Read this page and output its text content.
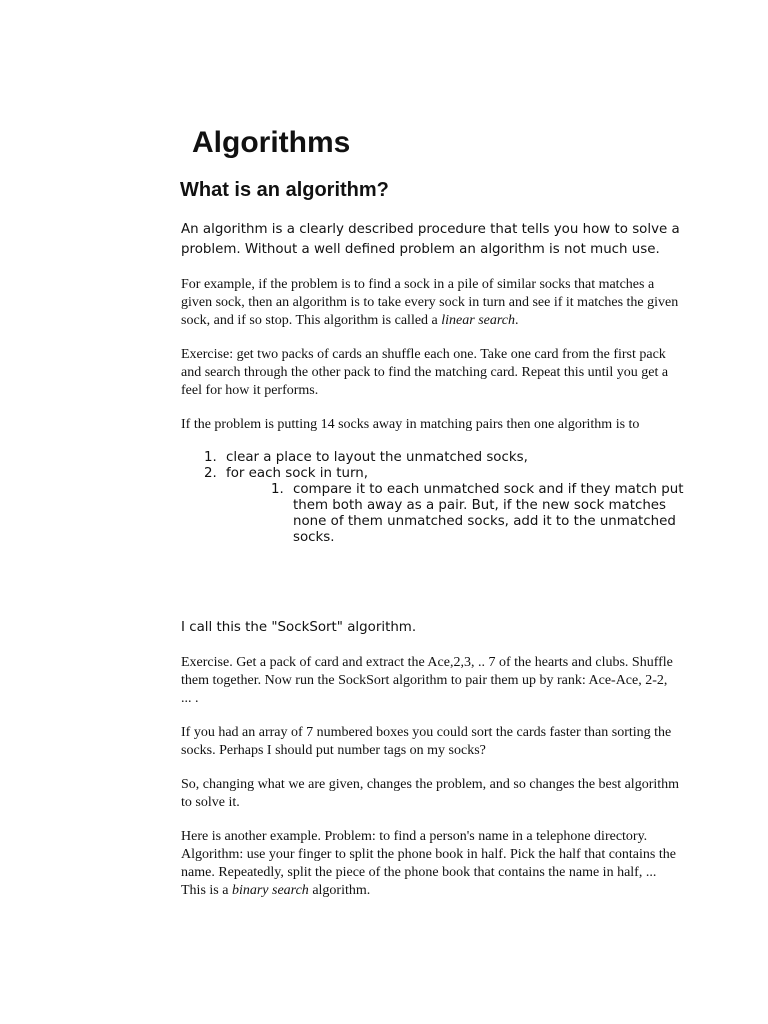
Algorithms
What is an algorithm?

An algorithm is a clearly described procedure that tells you how to solve a problem. Without a well defined problem an algorithm is not much use.

For example, if the problem is to find a sock in a pile of similar socks that matches a given sock, then an algorithm is to take every sock in turn and see if it matches the given sock, and if so stop. This algorithm is called a linear search.

Exercise: get two packs of cards an shuffle each one. Take one card from the first pack and search through the other pack to find the matching card. Repeat this until you get a feel for how it performs.

If the problem is putting 14 socks away in matching pairs then one algorithm is to

1. clear a place to layout the unmatched socks,
2. for each sock in turn,
1. compare it to each unmatched sock and if they match put them both away as a pair. But, if the new sock matches none of them unmatched socks, add it to the unmatched socks.

I call this the "SockSort" algorithm.

Exercise. Get a pack of card and extract the Ace,2,3, .. 7 of the hearts and clubs. Shuffle them together. Now run the SockSort algorithm to pair them up by rank: Ace-Ace, 2-2, ... .

If you had an array of 7 numbered boxes you could sort the cards faster than sorting the socks. Perhaps I should put number tags on my socks?

So, changing what we are given, changes the problem, and so changes the best algorithm to solve it.

Here is another example. Problem: to find a person's name in a telephone directory. Algorithm: use your finger to split the phone book in half. Pick the half that contains the name. Repeatedly, split the piece of the phone book that contains the name in half, ... This is a binary search algorithm.
